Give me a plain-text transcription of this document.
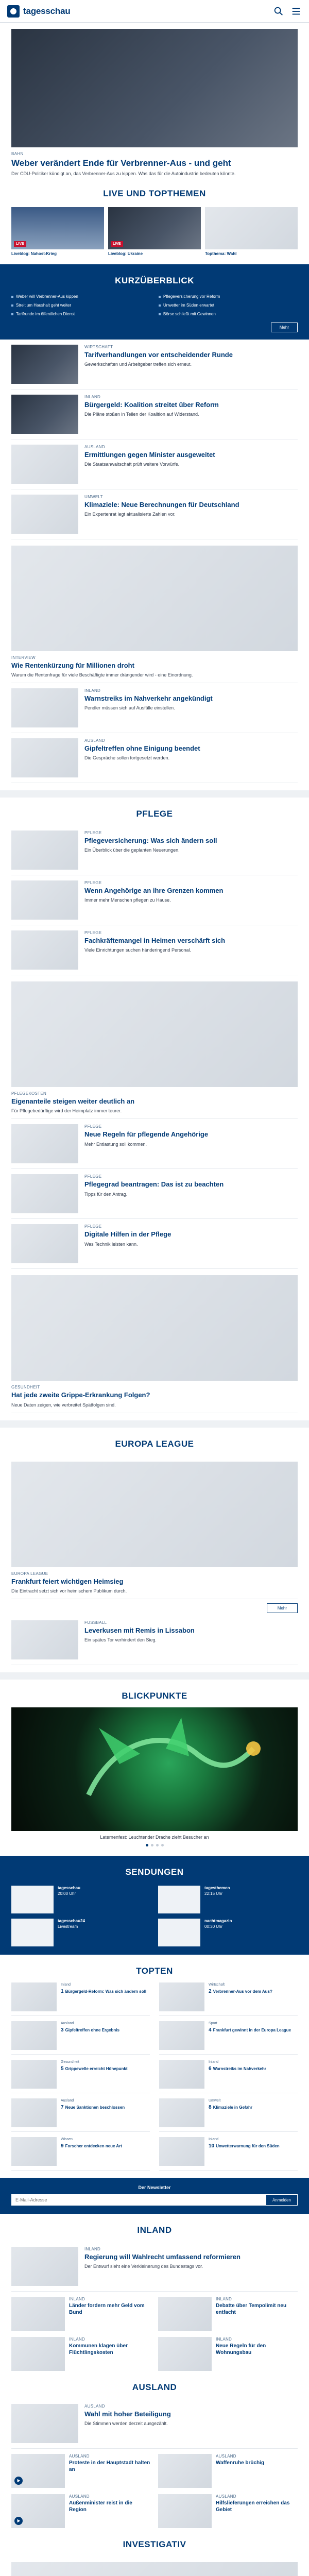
tagesschau
BAHN
Weber verändert Ende für Verbrenner-Aus - und geht
Der CDU-Politiker kündigt an, das Verbrenner-Aus zu kippen. Was das für die Autoindustrie bedeuten könnte.
LIVE UND TOPTHEMEN
LIVE
Liveblog: Nahost-Krieg
LIVE
Liveblog: Ukraine	Topthema: Wahl
KURZÜBERBLICK
Weber will Verbrenner-Aus kippen	Pflegeversicherung vor Reform
Streit um Haushalt geht weiter	Unwetter im Süden erwartet
Tarifrunde im öffentlichen Dienst	Börse schließt mit Gewinnen
Mehr
WIRTSCHAFT
Tarifverhandlungen vor entscheidender Runde
Gewerkschaften und Arbeitgeber treffen sich erneut.
INLAND
Bürgergeld: Koalition streitet über Reform
Die Pläne stoßen in Teilen der Koalition auf Widerstand.
AUSLAND
Ermittlungen gegen Minister ausgeweitet
Die Staatsanwaltschaft prüft weitere Vorwürfe.
UMWELT
Klimaziele: Neue Berechnungen für Deutschland
Ein Expertenrat legt aktualisierte Zahlen vor.
INTERVIEW
Wie Rentenkürzung für Millionen droht
Warum die Rentenfrage für viele Beschäftigte immer drängender wird - eine Einordnung.
INLAND
Warnstreiks im Nahverkehr angekündigt
Pendler müssen sich auf Ausfälle einstellen.
AUSLAND
Gipfeltreffen ohne Einigung beendet
Die Gespräche sollen fortgesetzt werden.
PFLEGE
PFLEGE
Pflegeversicherung: Was sich ändern soll
Ein Überblick über die geplanten Neuerungen.
PFLEGE
Wenn Angehörige an ihre Grenzen kommen
Immer mehr Menschen pflegen zu Hause.
PFLEGE
Fachkräftemangel in Heimen verschärft sich
Viele Einrichtungen suchen händeringend Personal.
PFLEGEKOSTEN
Eigenanteile steigen weiter deutlich an
Für Pflegebedürftige wird der Heimplatz immer teurer.
PFLEGE
Neue Regeln für pflegende Angehörige
Mehr Entlastung soll kommen.
PFLEGE
Pflegegrad beantragen: Das ist zu beachten
Tipps für den Antrag.
PFLEGE
Digitale Hilfen in der Pflege
Was Technik leisten kann.
GESUNDHEIT
Hat jede zweite Grippe-Erkrankung Folgen?
Neue Daten zeigen, wie verbreitet Spätfolgen sind.
EUROPA LEAGUE
EUROPA LEAGUE
Frankfurt feiert wichtigen Heimsieg
Die Eintracht setzt sich vor heimischem Publikum durch.
Mehr
FUSSBALL
Leverkusen mit Remis in Lissabon
Ein spätes Tor verhindert den Sieg.
BLICKPUNKTE
Laternenfest: Leuchtender Drache zieht Besucher an
SENDUNGEN
tagesschau
20:00 Uhr
tagesthemen
22:15 Uhr
tagesschau24
Livestream
nachtmagazin
00:30 Uhr
TOPTEN
Inland
1 Bürgergeld-Reform: Was sich ändern soll
Wirtschaft
2 Verbrenner-Aus vor dem Aus?
Ausland
3 Gipfeltreffen ohne Ergebnis
Sport
4 Frankfurt gewinnt in der Europa League
Gesundheit
5 Grippewelle erreicht Höhepunkt
Inland
6 Warnstreiks im Nahverkehr
Ausland
7 Neue Sanktionen beschlossen
Umwelt
8 Klimaziele in Gefahr
Wissen
9 Forscher entdecken neue Art
Inland
10 Unwetterwarnung für den Süden
Der Newsletter
E-Mail-Adresse
Anmelden
INLAND
INLAND
Regierung will Wahlrecht umfassend reformieren
Der Entwurf sieht eine Verkleinerung des Bundestags vor.
INLAND
Länder fordern mehr Geld vom Bund
INLAND
Debatte über Tempolimit neu entfacht
INLAND
Kommunen klagen über Flüchtlingskosten
INLAND
Neue Regeln für den Wohnungsbau
AUSLAND
AUSLAND
Wahl mit hoher Beteiligung
Die Stimmen werden derzeit ausgezählt.
AUSLAND
Proteste in der Hauptstadt halten an
AUSLAND
Waffenruhe brüchig
AUSLAND
Außenminister reist in die Region
AUSLAND
Hilfslieferungen erreichen das Gebiet
INVESTIGATIV
